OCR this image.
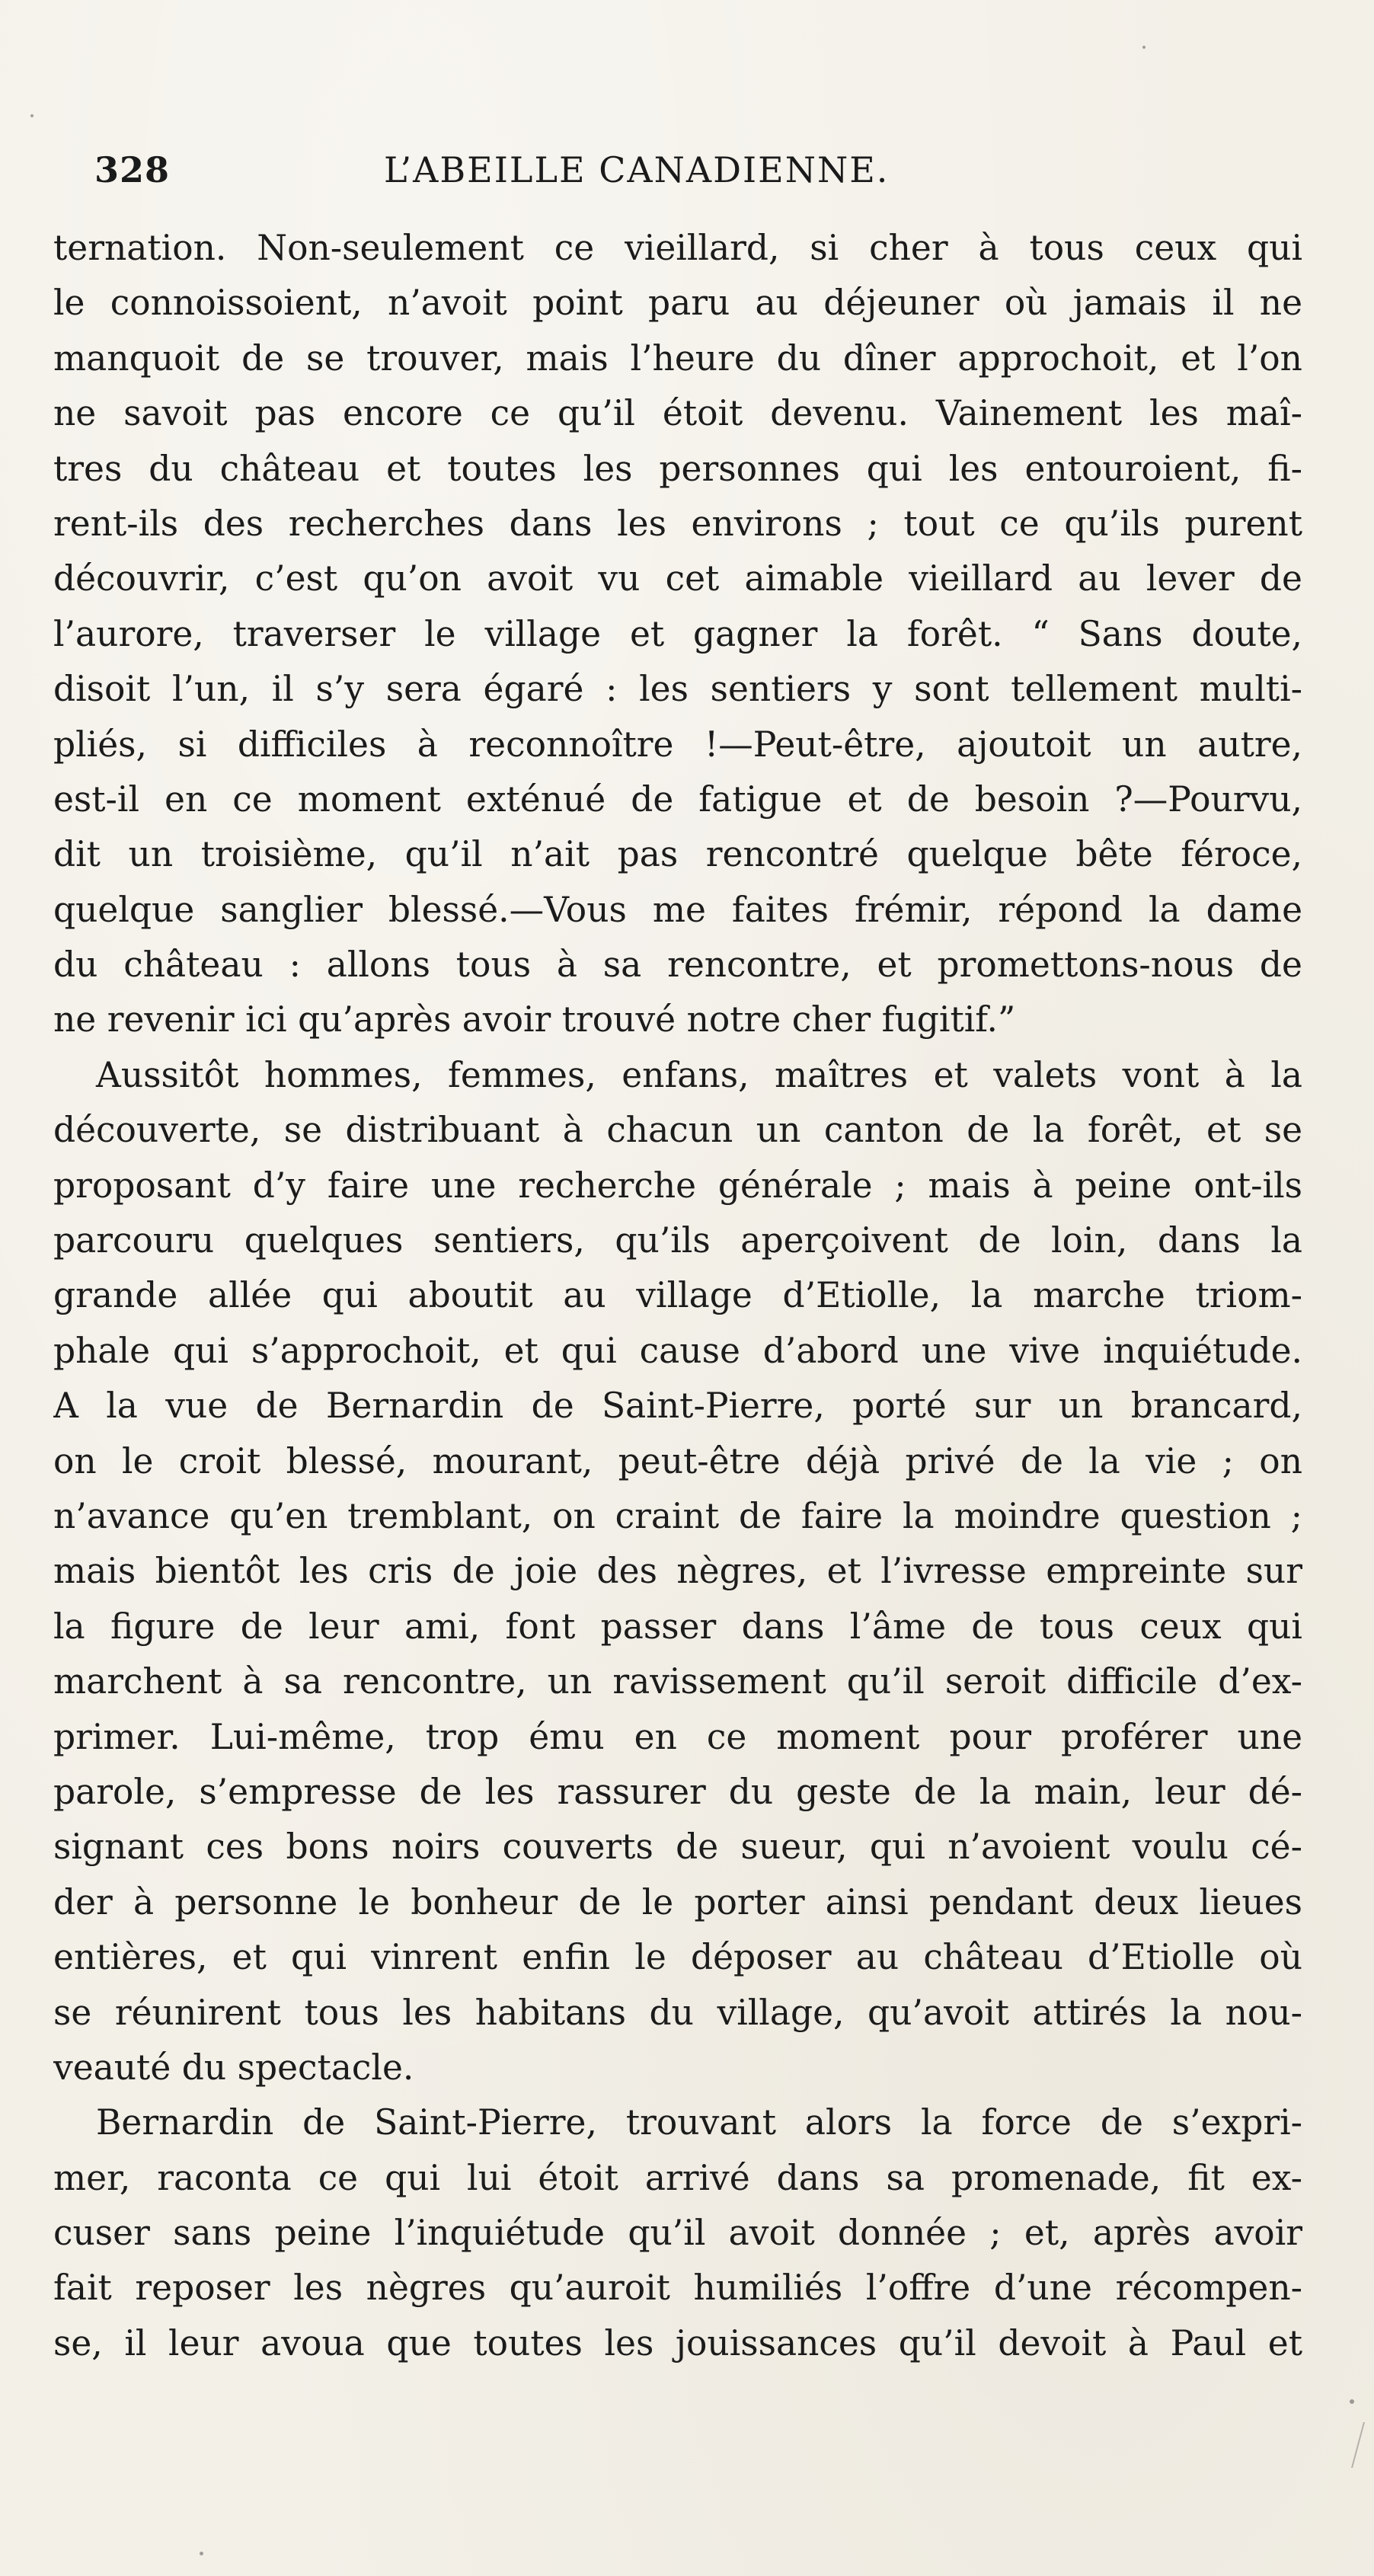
328	L’ABEILLE CANADIENNE.
ternation. Non-seulement ce vieillard, si cher à tous ceux qui
le connoissoient, n’avoit point paru au déjeuner où jamais il ne
manquoit de se trouver, mais l’heure du dîner approchoit, et l’on
ne savoit pas encore ce qu’il étoit devenu. Vainement les maî-
tres du château et toutes les personnes qui les entouroient, fi-
rent-ils des recherches dans les environs ; tout ce qu’ils purent
découvrir, c’est qu’on avoit vu cet aimable vieillard au lever de
l’aurore, traverser le village et gagner la forêt. “ Sans doute,
disoit l’un, il s’y sera égaré : les sentiers y sont tellement multi-
pliés, si difficiles à reconnoître !—Peut-être, ajoutoit un autre,
est-il en ce moment exténué de fatigue et de besoin ?—Pourvu,
dit un troisième, qu’il n’ait pas rencontré quelque bête féroce,
quelque sanglier blessé.—Vous me faites frémir, répond la dame
du château : allons tous à sa rencontre, et promettons-nous de
ne revenir ici qu’après avoir trouvé notre cher fugitif.”
Aussitôt hommes, femmes, enfans, maîtres et valets vont à la
découverte, se distribuant à chacun un canton de la forêt, et se
proposant d’y faire une recherche générale ; mais à peine ont-ils
parcouru quelques sentiers, qu’ils aperçoivent de loin, dans la
grande allée qui aboutit au village d’Etiolle, la marche triom-
phale qui s’approchoit, et qui cause d’abord une vive inquiétude.
A la vue de Bernardin de Saint-Pierre, porté sur un brancard,
on le croit blessé, mourant, peut-être déjà privé de la vie ; on
n’avance qu’en tremblant, on craint de faire la moindre question ;
mais bientôt les cris de joie des nègres, et l’ivresse empreinte sur
la figure de leur ami, font passer dans l’âme de tous ceux qui
marchent à sa rencontre, un ravissement qu’il seroit difficile d’ex-
primer. Lui-même, trop ému en ce moment pour proférer une
parole, s’empresse de les rassurer du geste de la main, leur dé-
signant ces bons noirs couverts de sueur, qui n’avoient voulu cé-
der à personne le bonheur de le porter ainsi pendant deux lieues
entières, et qui vinrent enfin le déposer au château d’Etiolle où
se réunirent tous les habitans du village, qu’avoit attirés la nou-
veauté du spectacle.
Bernardin de Saint-Pierre, trouvant alors la force de s’expri-
mer, raconta ce qui lui étoit arrivé dans sa promenade, fit ex-
cuser sans peine l’inquiétude qu’il avoit donnée ; et, après avoir
fait reposer les nègres qu’auroit humiliés l’offre d’une récompen-
se, il leur avoua que toutes les jouissances qu’il devoit à Paul et
